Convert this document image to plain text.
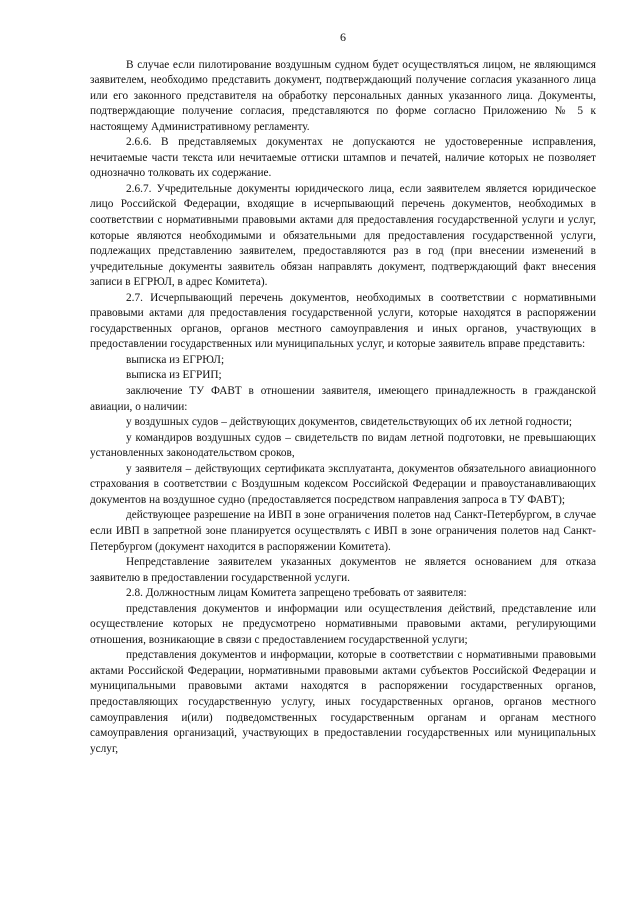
6

В случае если пилотирование воздушным судном будет осуществляться лицом, не являющимся заявителем, необходимо представить документ, подтверждающий получение согласия указанного лица или его законного представителя на обработку персональных данных указанного лица. Документы, подтверждающие получение согласия, представляются по форме согласно Приложению № 5 к настоящему Административному регламенту.

2.6.6. В представляемых документах не допускаются не удостоверенные исправления, нечитаемые части текста или нечитаемые оттиски штампов и печатей, наличие которых не позволяет однозначно толковать их содержание.

2.6.7. Учредительные документы юридического лица, если заявителем является юридическое лицо Российской Федерации, входящие в исчерпывающий перечень документов, необходимых в соответствии с нормативными правовыми актами для предоставления государственной услуги и услуг, которые являются необходимыми и обязательными для предоставления государственной услуги, подлежащих представлению заявителем, предоставляются раз в год (при внесении изменений в учредительные документы заявитель обязан направлять документ, подтверждающий факт внесения записи в ЕГРЮЛ, в адрес Комитета).

2.7. Исчерпывающий перечень документов, необходимых в соответствии с нормативными правовыми актами для предоставления государственной услуги, которые находятся в распоряжении государственных органов, органов местного самоуправления и иных органов, участвующих в предоставлении государственных или муниципальных услуг, и которые заявитель вправе представить:

выписка из ЕГРЮЛ;

выписка из ЕГРИП;

заключение ТУ ФАВТ в отношении заявителя, имеющего принадлежность в гражданской авиации, о наличии:

у воздушных судов – действующих документов, свидетельствующих об их летной годности;

у командиров воздушных судов – свидетельств по видам летной подготовки, не превышающих установленных законодательством сроков,

у заявителя – действующих сертификата эксплуатанта, документов обязательного авиационного страхования в соответствии с Воздушным кодексом Российской Федерации и правоустанавливающих документов на воздушное судно (предоставляется посредством направления запроса в ТУ ФАВТ);

действующее разрешение на ИВП в зоне ограничения полетов над Санкт-Петербургом, в случае если ИВП в запретной зоне планируется осуществлять с ИВП в зоне ограничения полетов над Санкт-Петербургом (документ находится в распоряжении Комитета).

Непредставление заявителем указанных документов не является основанием для отказа заявителю в предоставлении государственной услуги.

2.8. Должностным лицам Комитета запрещено требовать от заявителя:

представления документов и информации или осуществления действий, представление или осуществление которых не предусмотрено нормативными правовыми актами, регулирующими отношения, возникающие в связи с предоставлением государственной услуги;

представления документов и информации, которые в соответствии с нормативными правовыми актами Российской Федерации, нормативными правовыми актами субъектов Российской Федерации и муниципальными правовыми актами находятся в распоряжении государственных органов, предоставляющих государственную услугу, иных государственных органов, органов местного самоуправления и(или) подведомственных государственным органам и органам местного самоуправления организаций, участвующих в предоставлении государственных или муниципальных услуг,
